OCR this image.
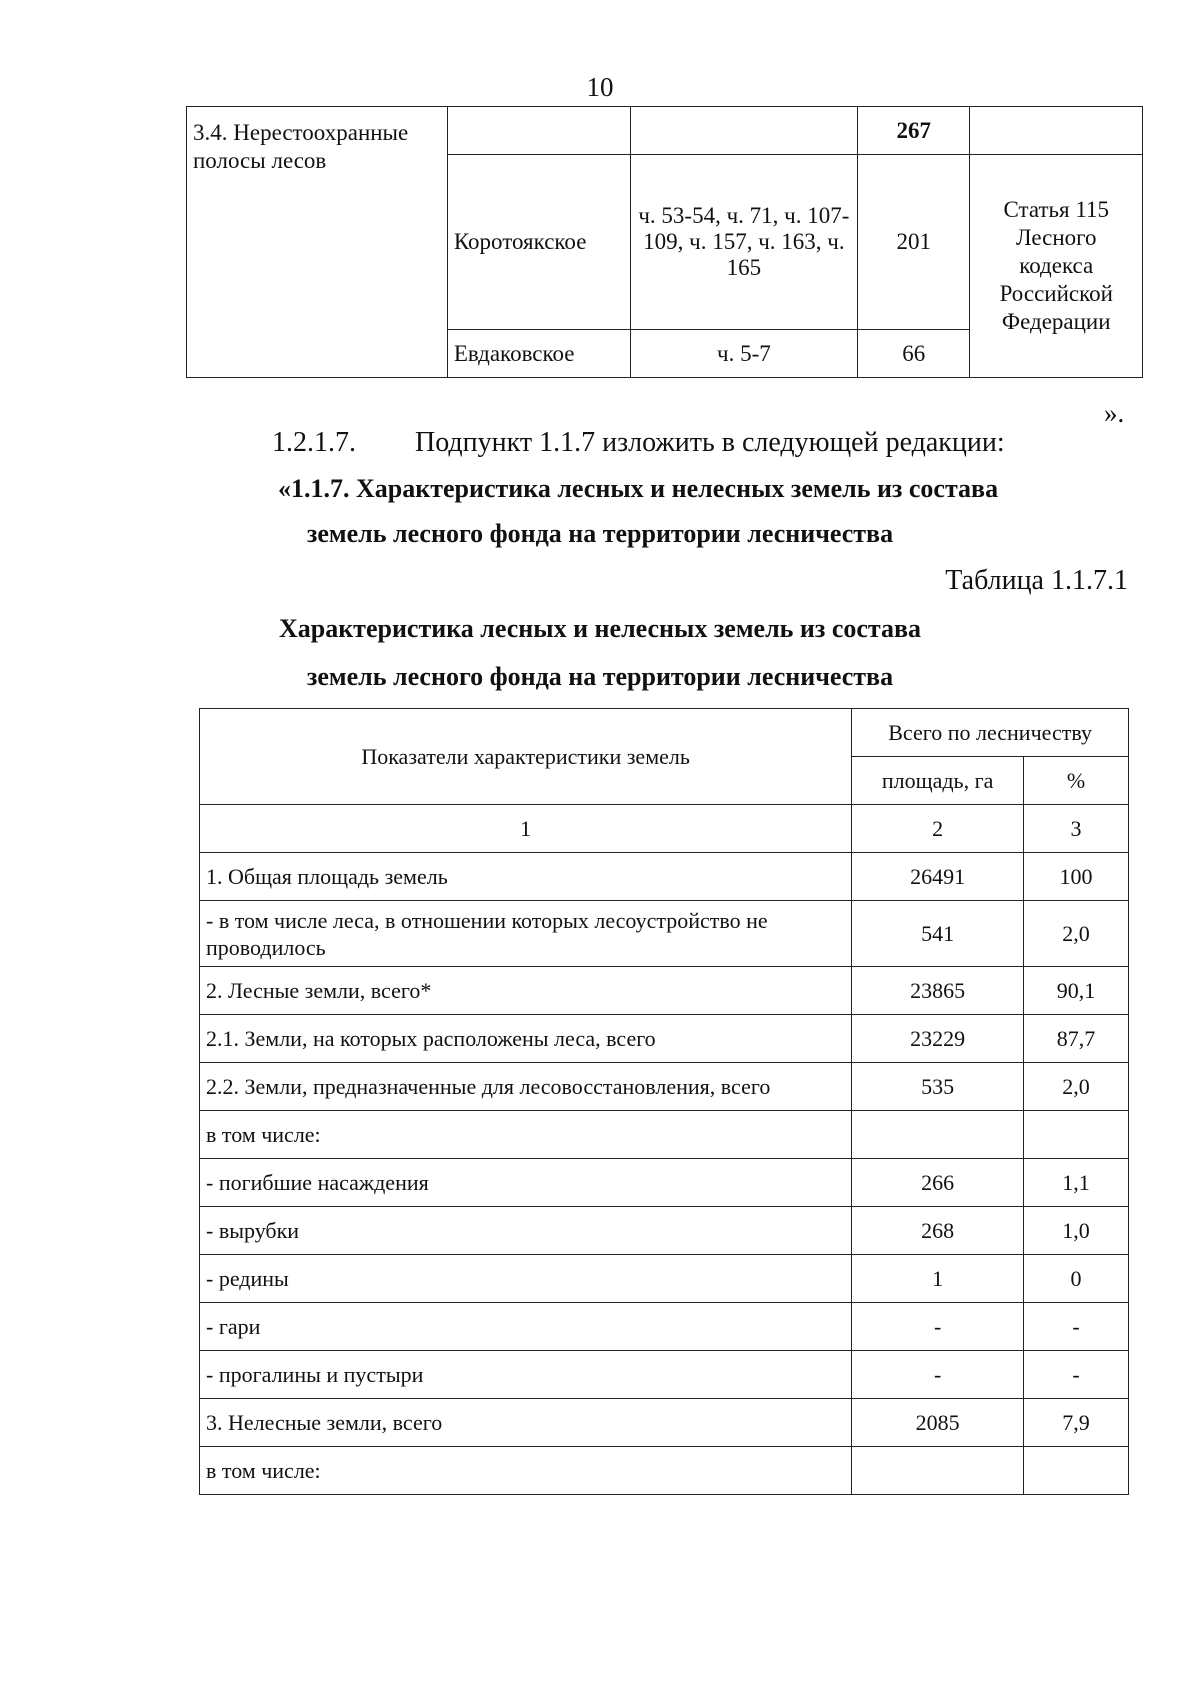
10
3.4. Нерестоохранные полосы лесов			267	
	Коротоякское	ч. 53-54, ч. 71, ч. 107-109, ч. 157, ч. 163, ч. 165	201	Статья 115 Лесного кодекса Российской Федерации
	Евдаковское	ч. 5-7	66	
».
1.2.1.7. Подпункт 1.1.7 изложить в следующей редакции:
«1.1.7. Характеристика лесных и нелесных земель из состава
земель лесного фонда на территории лесничества
Таблица 1.1.7.1
Характеристика лесных и нелесных земель из состава
земель лесного фонда на территории лесничества
Показатели характеристики земель	Всего по лесничеству	
	площадь, га	%
1	2	3
1. Общая площадь земель	26491	100
- в том числе леса, в отношении которых лесоустройство не проводилось	541	2,0
2. Лесные земли, всего*	23865	90,1
2.1. Земли, на которых расположены леса, всего	23229	87,7
2.2. Земли, предназначенные для лесовосстановления, всего	535	2,0
в том числе:		
- погибшие насаждения	266	1,1
- вырубки	268	1,0
- редины	1	0
- гари	-	-
- прогалины и пустыри	-	-
3. Нелесные земли, всего	2085	7,9
в том числе:		
